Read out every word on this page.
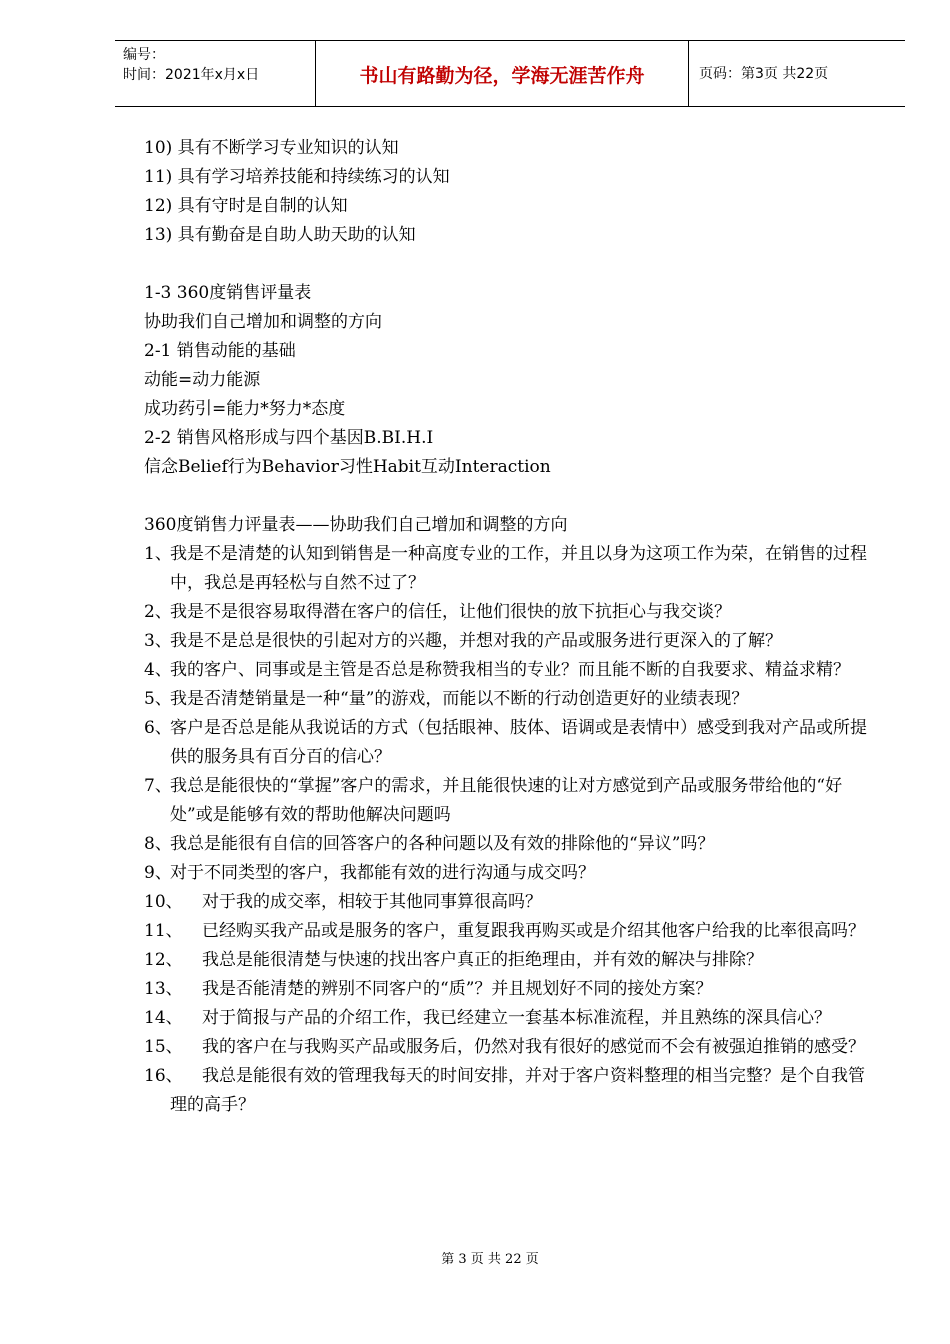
编号：
时间：2021年x月x日	书山有路勤为径，学海无涯苦作舟	页码：第3页 共22页
10) 具有不断学习专业知识的认知
11) 具有学习培养技能和持续练习的认知
12) 具有守时是自制的认知
13) 具有勤奋是自助人助天助的认知
1-3 360度销售评量表
协助我们自己增加和调整的方向
2-1 销售动能的基础
动能=动力能源
成功药引=能力*努力*态度
2-2 销售风格形成与四个基因B.BI.H.I
信念Belief行为Behavior习性Habit互动Interaction
360度销售力评量表——协助我们自己增加和调整的方向
1、我是不是清楚的认知到销售是一种高度专业的工作，并且以身为这项工作为荣，在销售的过程中，我总是再轻松与自然不过了？
2、我是不是很容易取得潜在客户的信任，让他们很快的放下抗拒心与我交谈？
3、我是不是总是很快的引起对方的兴趣，并想对我的产品或服务进行更深入的了解？
4、我的客户、同事或是主管是否总是称赞我相当的专业？而且能不断的自我要求、精益求精？
5、我是否清楚销量是一种“量”的游戏，而能以不断的行动创造更好的业绩表现？
6、客户是否总是能从我说话的方式（包括眼神、肢体、语调或是表情中）感受到我对产品或所提供的服务具有百分百的信心？
7、我总是能很快的“掌握”客户的需求，并且能很快速的让对方感觉到产品或服务带给他的“好处”或是能够有效的帮助他解决问题吗
8、我总是能很有自信的回答客户的各种问题以及有效的排除他的“异议”吗？
9、对于不同类型的客户，我都能有效的进行沟通与成交吗？
10、 对于我的成交率，相较于其他同事算很高吗？
11、 已经购买我产品或是服务的客户，重复跟我再购买或是介绍其他客户给我的比率很高吗？
12、 我总是能很清楚与快速的找出客户真正的拒绝理由，并有效的解决与排除？
13、 我是否能清楚的辨别不同客户的“质”？并且规划好不同的接处方案？
14、 对于简报与产品的介绍工作，我已经建立一套基本标准流程，并且熟练的深具信心？
15、 我的客户在与我购买产品或服务后，仍然对我有很好的感觉而不会有被强迫推销的感受？
16、 我总是能很有效的管理我每天的时间安排，并对于客户资料整理的相当完整？是个自我管理的高手？
第 3 页 共 22 页
